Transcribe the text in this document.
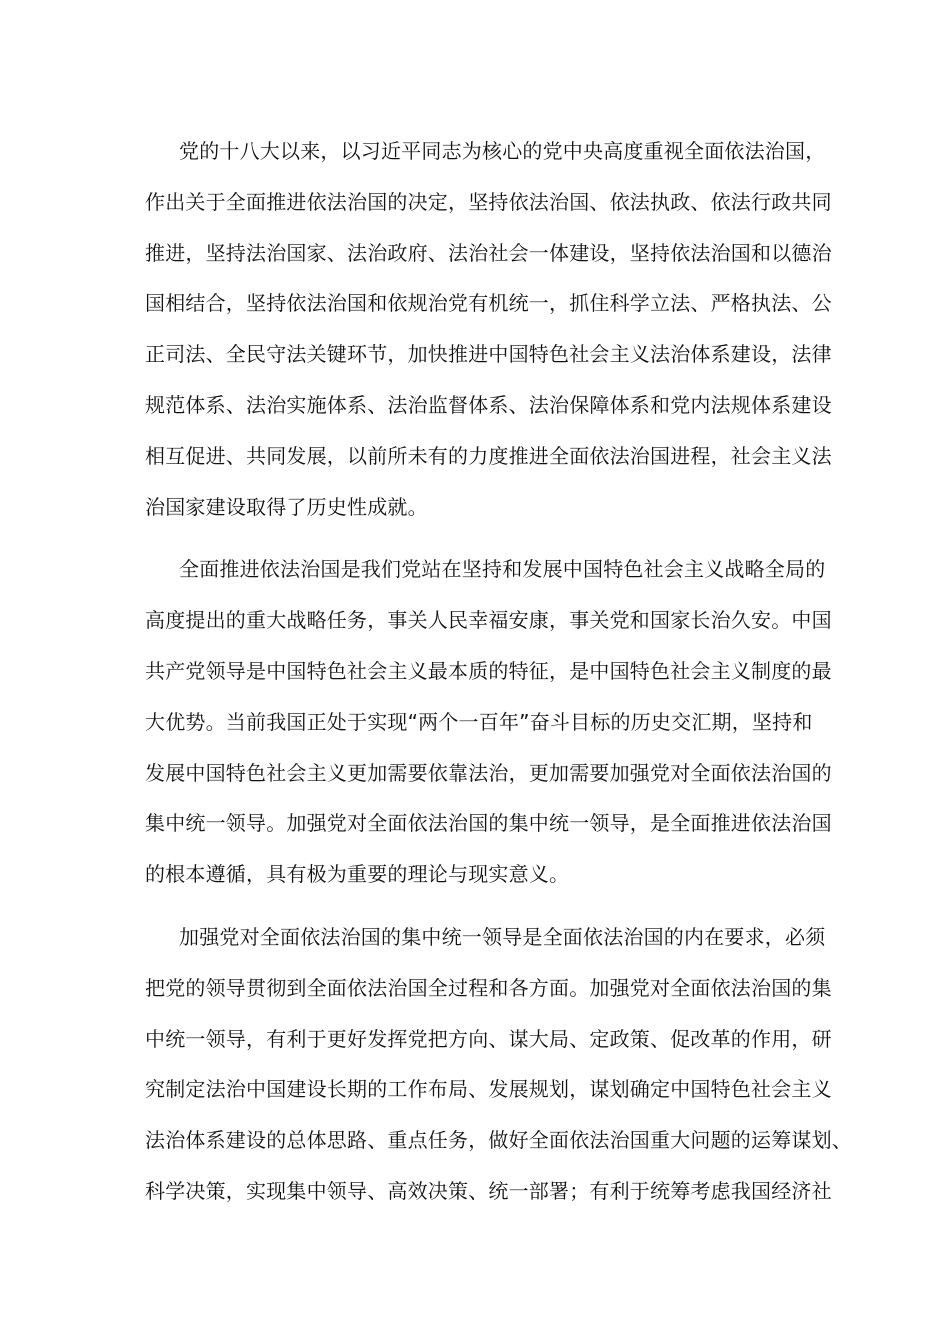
党的十八大以来，以习近平同志为核心的党中央高度重视全面依法治国，
作出关于全面推进依法治国的决定，坚持依法治国、依法执政、依法行政共同
推进，坚持法治国家、法治政府、法治社会一体建设，坚持依法治国和以德治
国相结合，坚持依法治国和依规治党有机统一，抓住科学立法、严格执法、公
正司法、全民守法关键环节，加快推进中国特色社会主义法治体系建设，法律
规范体系、法治实施体系、法治监督体系、法治保障体系和党内法规体系建设
相互促进、共同发展，以前所未有的力度推进全面依法治国进程，社会主义法
治国家建设取得了历史性成就。
全面推进依法治国是我们党站在坚持和发展中国特色社会主义战略全局的
高度提出的重大战略任务，事关人民幸福安康，事关党和国家长治久安。中国
共产党领导是中国特色社会主义最本质的特征，是中国特色社会主义制度的最
大优势。当前我国正处于实现“两个一百年”奋斗目标的历史交汇期，坚持和
发展中国特色社会主义更加需要依靠法治，更加需要加强党对全面依法治国的
集中统一领导。加强党对全面依法治国的集中统一领导，是全面推进依法治国
的根本遵循，具有极为重要的理论与现实意义。
加强党对全面依法治国的集中统一领导是全面依法治国的内在要求，必须
把党的领导贯彻到全面依法治国全过程和各方面。加强党对全面依法治国的集
中统一领导，有利于更好发挥党把方向、谋大局、定政策、促改革的作用，研
究制定法治中国建设长期的工作布局、发展规划，谋划确定中国特色社会主义
法治体系建设的总体思路、重点任务，做好全面依法治国重大问题的运筹谋划、
科学决策，实现集中领导、高效决策、统一部署；有利于统筹考虑我国经济社
